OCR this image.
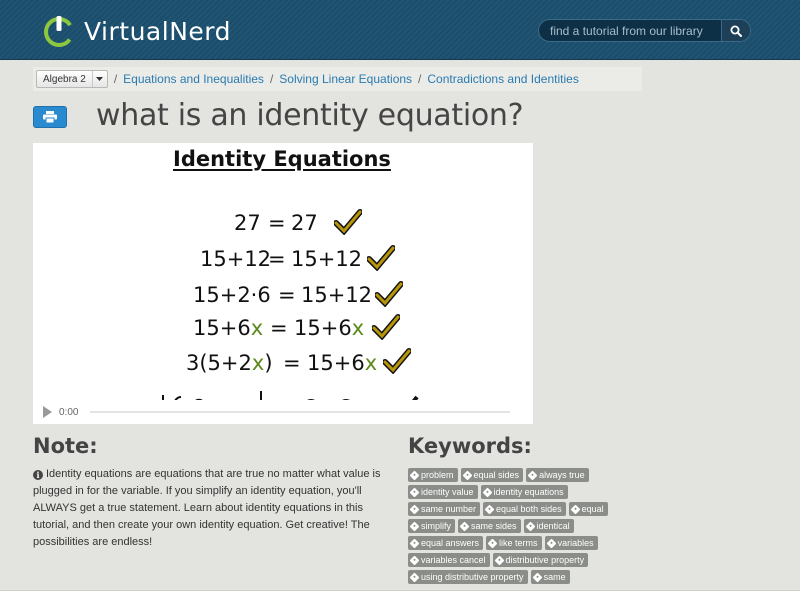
VirtualNerd
find a tutorial from our library
Algebra 2	/ Equations and Inequalities / Solving Linear Equations / Contradictions and Identities
what is an identity equation?
Identity Equations
27 = 27
15+12
= 15+12
15+2·6 = 15+12
15+6x = 15+6x
3(5+2x) = 15+6x
0:00
Note:

i Identity equations are equations that are true no matter what value is plugged in for the variable. If you simplify an identity equation, you'll ALWAYS get a true statement. Learn about identity equations in this tutorial, and then create your own identity equation. Get creative! The possibilities are endless!

Keywords:
problem equal sides always true
identity value identity equations
same number equal both sides equal
simplify same sides identical
equal answers like terms variables
variables cancel distributive property
using distributive property same
